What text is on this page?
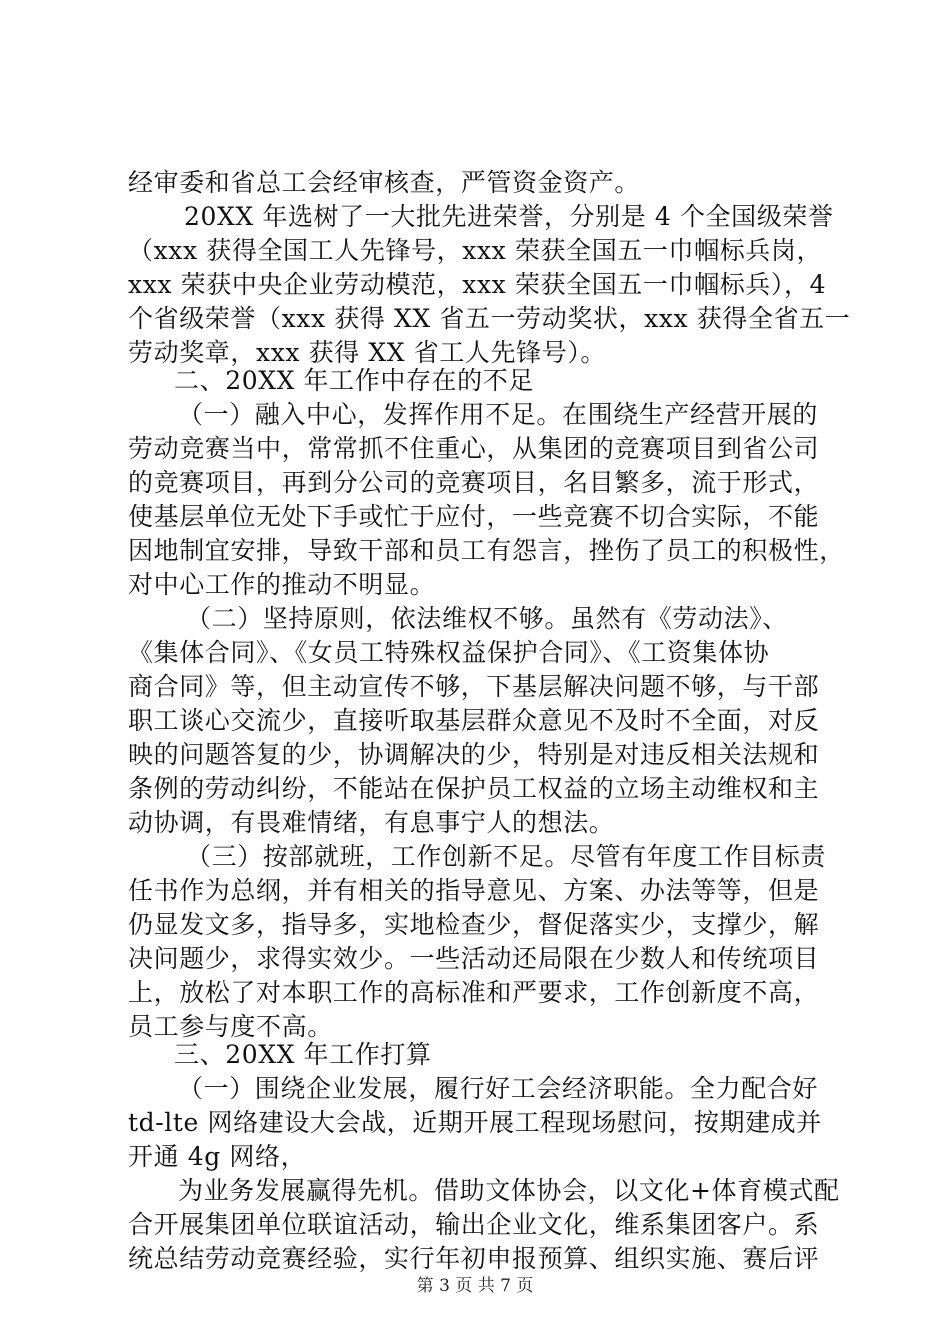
经审委和省总工会经审核查，严管资金资产。
20XX 年选树了一大批先进荣誉，分别是 4 个全国级荣誉
（xxx 获得全国工人先锋号，xxx 荣获全国五一巾帼标兵岗，
xxx 荣获中央企业劳动模范，xxx 荣获全国五一巾帼标兵），4
个省级荣誉（xxx 获得 XX 省五一劳动奖状，xxx 获得全省五一
劳动奖章，xxx 获得 XX 省工人先锋号）。
二、20XX 年工作中存在的不足
（一）融入中心，发挥作用不足。在围绕生产经营开展的
劳动竞赛当中，常常抓不住重心，从集团的竞赛项目到省公司
的竞赛项目，再到分公司的竞赛项目，名目繁多，流于形式，
使基层单位无处下手或忙于应付，一些竞赛不切合实际，不能
因地制宜安排，导致干部和员工有怨言，挫伤了员工的积极性，
对中心工作的推动不明显。
（二）坚持原则，依法维权不够。虽然有《劳动法》、
《集体合同》、《女员工特殊权益保护合同》、《工资集体协
商合同》等，但主动宣传不够，下基层解决问题不够，与干部
职工谈心交流少，直接听取基层群众意见不及时不全面，对反
映的问题答复的少，协调解决的少，特别是对违反相关法规和
条例的劳动纠纷，不能站在保护员工权益的立场主动维权和主
动协调，有畏难情绪，有息事宁人的想法。
（三）按部就班，工作创新不足。尽管有年度工作目标责
任书作为总纲，并有相关的指导意见、方案、办法等等，但是
仍显发文多，指导多，实地检查少，督促落实少，支撑少，解
决问题少，求得实效少。一些活动还局限在少数人和传统项目
上，放松了对本职工作的高标准和严要求，工作创新度不高，
员工参与度不高。
三、20XX 年工作打算
（一）围绕企业发展，履行好工会经济职能。全力配合好
td-lte 网络建设大会战，近期开展工程现场慰问，按期建成并
开通 4g 网络，
为业务发展赢得先机。借助文体协会，以文化+体育模式配
合开展集团单位联谊活动，输出企业文化，维系集团客户。系
统总结劳动竞赛经验，实行年初申报预算、组织实施、赛后评
第 3 页 共 7 页
